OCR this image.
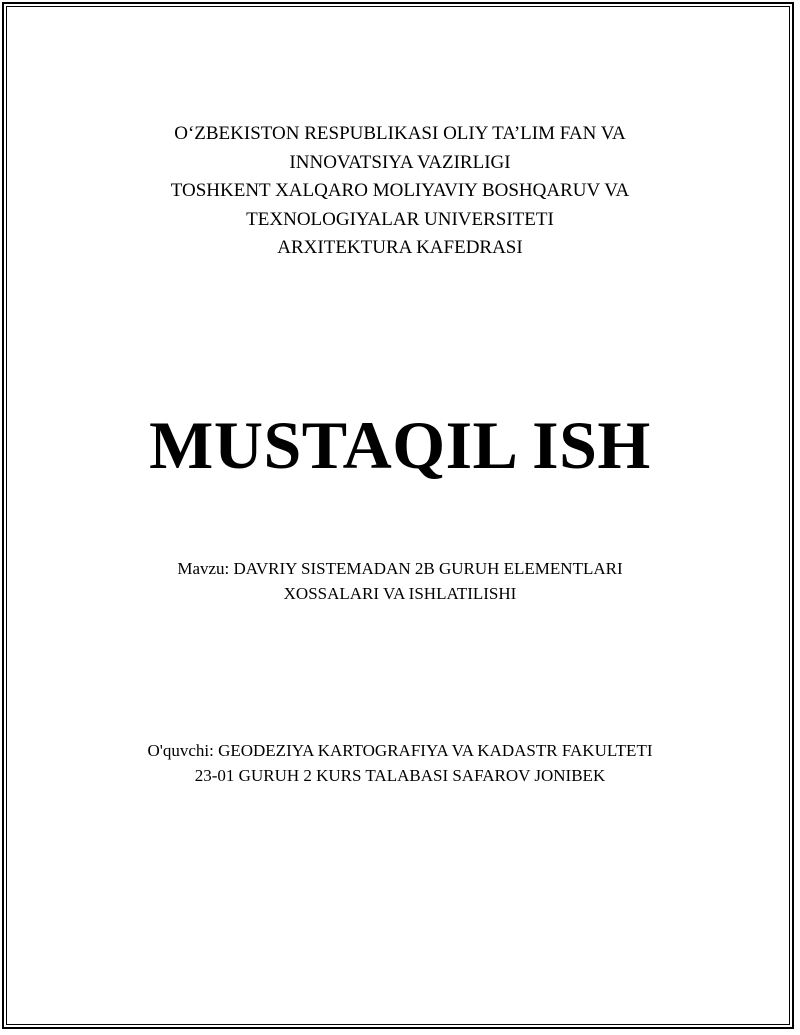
O‘ZBEKISTON RESPUBLIKASI OLIY TA’LIM FAN VA
INNOVATSIYA VAZIRLIGI
TOSHKENT XALQARO MOLIYAVIY BOSHQARUV VA
TEXNOLOGIYALAR UNIVERSITETI
ARXITEKTURA KAFEDRASI
MUSTAQIL ISH
Mavzu: DAVRIY SISTEMADAN 2B GURUH ELEMENTLARI
XOSSALARI VA ISHLATILISHI
O'quvchi: GEODEZIYA KARTOGRAFIYA VA KADASTR FAKULTETI
23-01 GURUH 2 KURS TALABASI SAFAROV JONIBEK
